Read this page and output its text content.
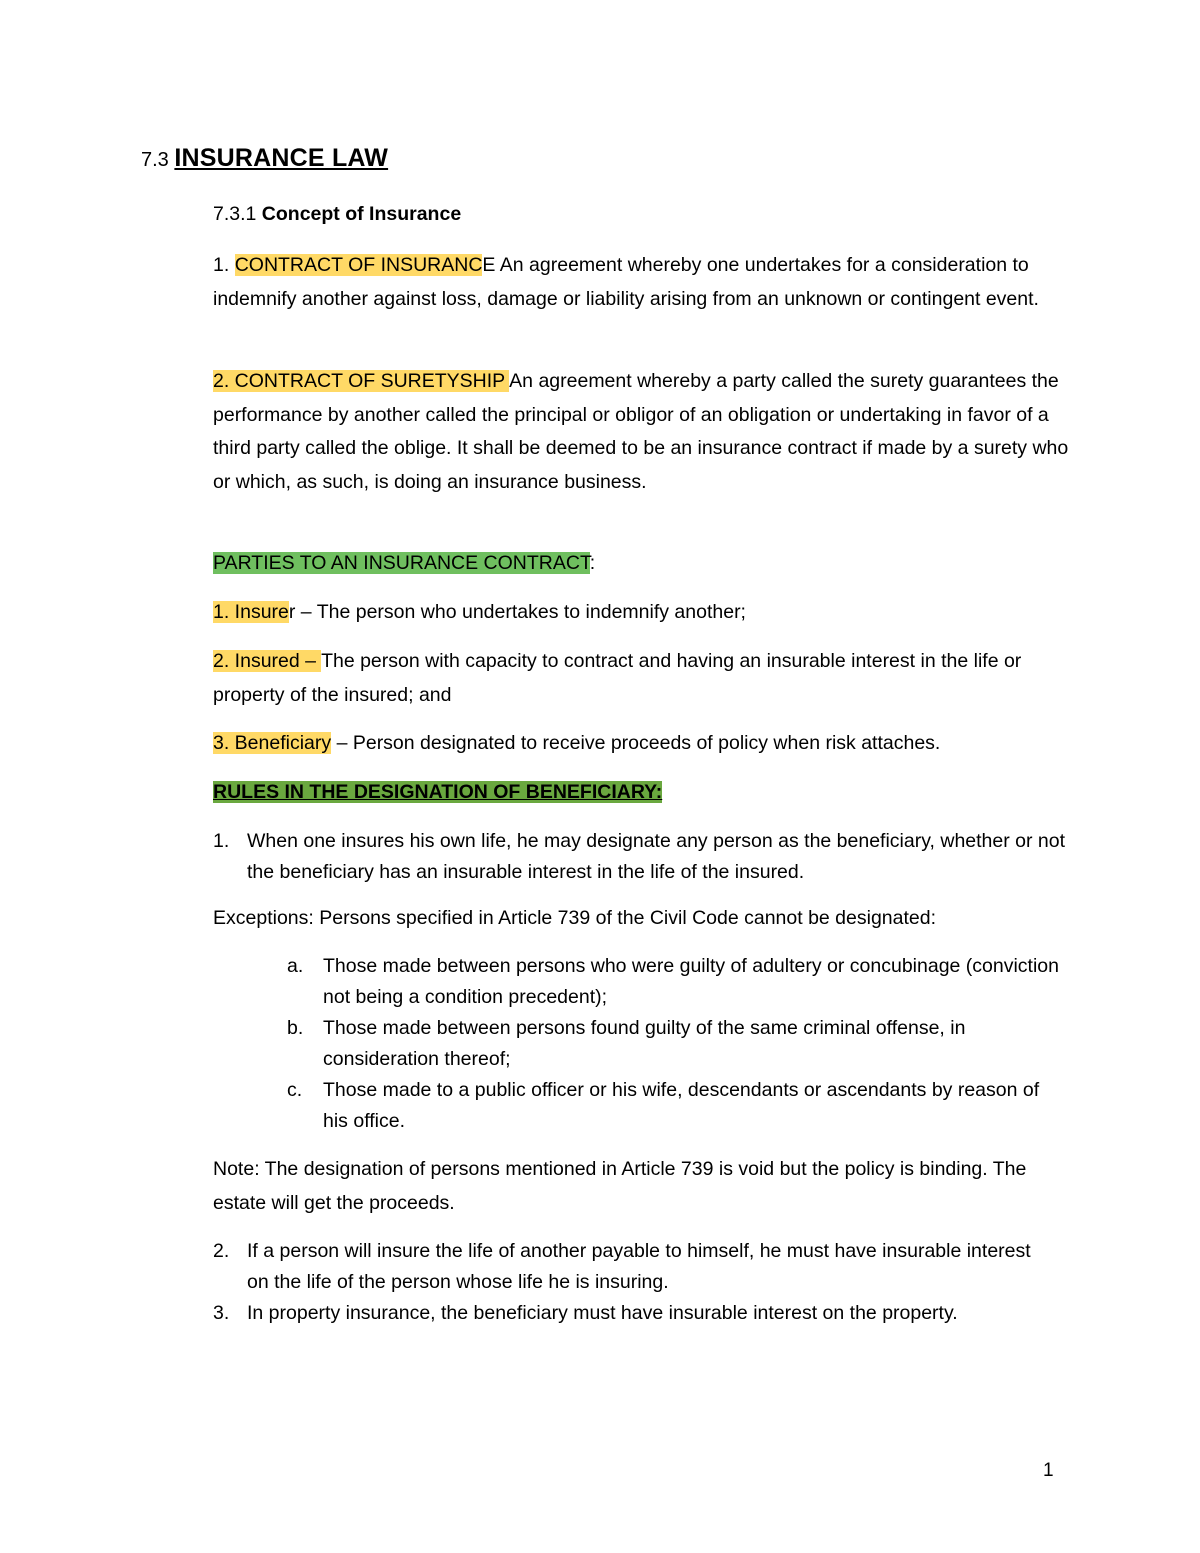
7.3 INSURANCE LAW
7.3.1 Concept of Insurance
1. CONTRACT OF INSURANCE An agreement whereby one undertakes for a consideration to indemnify another against loss, damage or liability arising from an unknown or contingent event.
2. CONTRACT OF SURETYSHIP An agreement whereby a party called the surety guarantees the performance by another called the principal or obligor of an obligation or undertaking in favor of a third party called the oblige. It shall be deemed to be an insurance contract if made by a surety who or which, as such, is doing an insurance business.
PARTIES TO AN INSURANCE CONTRACT:
1. Insurer – The person who undertakes to indemnify another;
2. Insured – The person with capacity to contract and having an insurable interest in the life or property of the insured; and
3. Beneficiary – Person designated to receive proceeds of policy when risk attaches.
RULES IN THE DESIGNATION OF BENEFICIARY:
1. When one insures his own life, he may designate any person as the beneficiary, whether or not the beneficiary has an insurable interest in the life of the insured.
Exceptions: Persons specified in Article 739 of the Civil Code cannot be designated:
a. Those made between persons who were guilty of adultery or concubinage (conviction not being a condition precedent);
b. Those made between persons found guilty of the same criminal offense, in consideration thereof;
c. Those made to a public officer or his wife, descendants or ascendants by reason of his office.
Note: The designation of persons mentioned in Article 739 is void but the policy is binding. The estate will get the proceeds.
2. If a person will insure the life of another payable to himself, he must have insurable interest on the life of the person whose life he is insuring.
3. In property insurance, the beneficiary must have insurable interest on the property.
1
